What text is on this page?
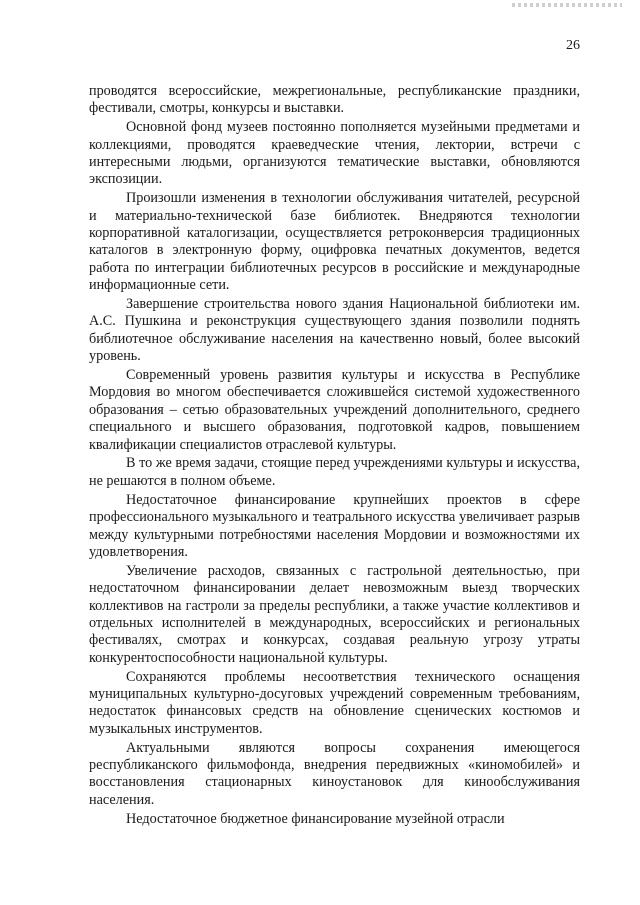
26

проводятся всероссийские, межрегиональные, республиканские праздники, фестивали, смотры, конкурсы и выставки.

Основной фонд музеев постоянно пополняется музейными предметами и коллекциями, проводятся краеведческие чтения, лектории, встречи с интересными людьми, организуются тематические выставки, обновляются экспозиции.

Произошли изменения в технологии обслуживания читателей, ресурсной и материально-технической базе библиотек. Внедряются технологии корпоративной каталогизации, осуществляется ретроконверсия традиционных каталогов в электронную форму, оцифровка печатных документов, ведется работа по интеграции библиотечных ресурсов в российские и международные информационные сети.

Завершение строительства нового здания Национальной библиотеки им. А.С. Пушкина и реконструкция существующего здания позволили поднять библиотечное обслуживание населения на качественно новый, более высокий уровень.

Современный уровень развития культуры и искусства в Республике Мордовия во многом обеспечивается сложившейся системой художественного образования – сетью образовательных учреждений дополнительного, среднего специального и высшего образования, подготовкой кадров, повышением квалификации специалистов отраслевой культуры.

В то же время задачи, стоящие перед учреждениями культуры и искусства, не решаются в полном объеме.

Недостаточное финансирование крупнейших проектов в сфере профессионального музыкального и театрального искусства увеличивает разрыв между культурными потребностями населения Мордовии и возможностями их удовлетворения.

Увеличение расходов, связанных с гастрольной деятельностью, при недостаточном финансировании делает невозможным выезд творческих коллективов на гастроли за пределы республики, а также участие коллективов и отдельных исполнителей в международных, всероссийских и региональных фестивалях, смотрах и конкурсах, создавая реальную угрозу утраты конкурентоспособности национальной культуры.

Сохраняются проблемы несоответствия технического оснащения муниципальных культурно-досуговых учреждений современным требованиям, недостаток финансовых средств на обновление сценических костюмов и музыкальных инструментов.

Актуальными являются вопросы сохранения имеющегося республиканского фильмофонда, внедрения передвижных «киномобилей» и восстановления стационарных киноустановок для кинообслуживания населения.

Недостаточное бюджетное финансирование музейной отрасли
